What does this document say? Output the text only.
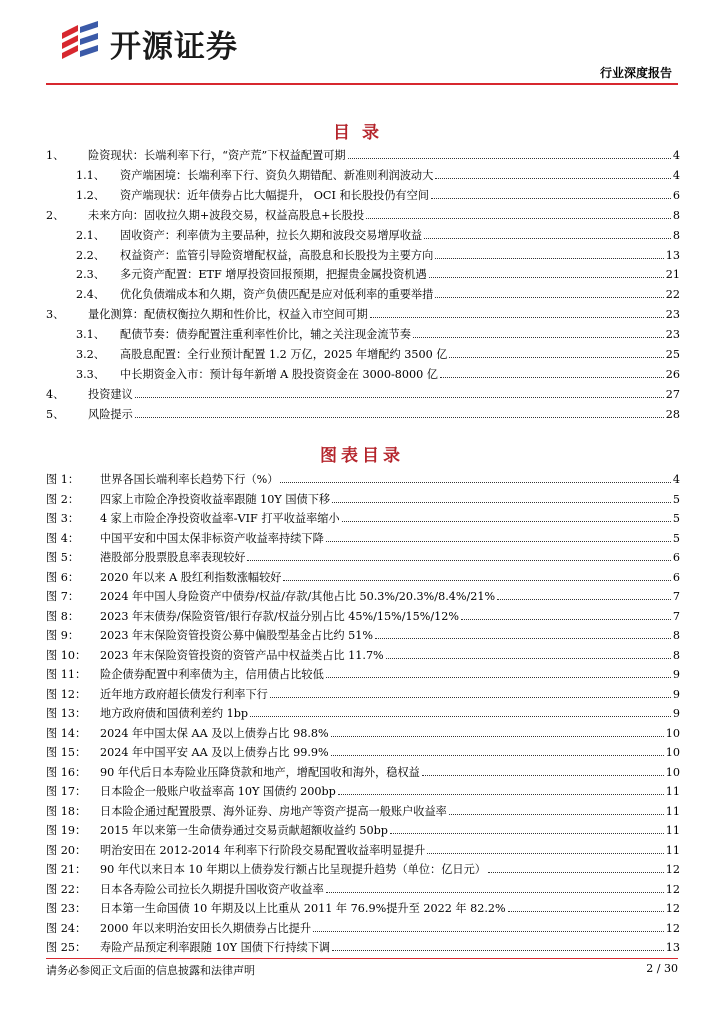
开源证券
行业深度报告
目录
1、	险资现状：长端利率下行，“资产荒”下权益配置可期	4
1.1、	资产端困境：长端利率下行、资负久期错配、新准则利润波动大	4
1.2、	资产端现状：近年债券占比大幅提升， OCI 和长股投仍有空间	6
2、	未来方向：固收拉久期+波段交易，权益高股息+长股投	8
2.1、	固收资产：利率债为主要品种，拉长久期和波段交易增厚收益	8
2.2、	权益资产：监管引导险资增配权益，高股息和长股投为主要方向	13
2.3、	多元资产配置：ETF 增厚投资回报预期，把握贵金属投资机遇	21
2.4、	优化负债端成本和久期，资产负债匹配是应对低利率的重要举措	22
3、	量化测算：配债权衡拉久期和性价比，权益入市空间可期	23
3.1、	配债节奏：债券配置注重利率性价比，辅之关注现金流节奏	23
3.2、	高股息配置：全行业预计配置 1.2 万亿，2025 年增配约 3500 亿	25
3.3、	中长期资金入市：预计每年新增 A 股投资资金在 3000-8000 亿	26
4、	投资建议	27
5、	风险提示	28
图表目录
图 1：	世界各国长端利率长趋势下行（%）	4
图 2：	四家上市险企净投资收益率跟随 10Y 国债下移	5
图 3：	4 家上市险企净投资收益率-VIF 打平收益率缩小	5
图 4：	中国平安和中国太保非标资产收益率持续下降	5
图 5：	港股部分股票股息率表现较好	6
图 6：	2020 年以来 A 股红利指数涨幅较好	6
图 7：	2024 年中国人身险资产中债券/权益/存款/其他占比 50.3%/20.3%/8.4%/21%	7
图 8：	2023 年末债券/保险资管/银行存款/权益分别占比 45%/15%/15%/12%	7
图 9：	2023 年末保险资管投资公募中偏股型基金占比约 51%	8
图 10：	2023 年末保险资管投资的资管产品中权益类占比 11.7%	8
图 11：	险企债券配置中利率债为主，信用债占比较低	9
图 12：	近年地方政府超长债发行利率下行	9
图 13：	地方政府债和国债利差约 1bp	9
图 14：	2024 年中国太保 AA 及以上债券占比 98.8%	10
图 15：	2024 年中国平安 AA 及以上债券占比 99.9%	10
图 16：	90 年代后日本寿险业压降贷款和地产，增配国收和海外，稳权益	10
图 17：	日本险企一般账户收益率高 10Y 国债约 200bp	11
图 18：	日本险企通过配置股票、海外证券、房地产等资产提高一般账户收益率	11
图 19：	2015 年以来第一生命债券通过交易贡献超额收益约 50bp	11
图 20：	明治安田在 2012-2014 年利率下行阶段交易配置收益率明显提升	11
图 21：	90 年代以来日本 10 年期以上债券发行额占比呈现提升趋势（单位：亿日元）	12
图 22：	日本各寿险公司拉长久期提升国收资产收益率	12
图 23：	日本第一生命国债 10 年期及以上比重从 2011 年 76.9%提升至 2022 年 82.2%	12
图 24：	2000 年以来明治安田长久期债券占比提升	12
图 25：	寿险产品预定利率跟随 10Y 国债下行持续下调	13
请务必参阅正文后面的信息披露和法律声明	2 / 30
